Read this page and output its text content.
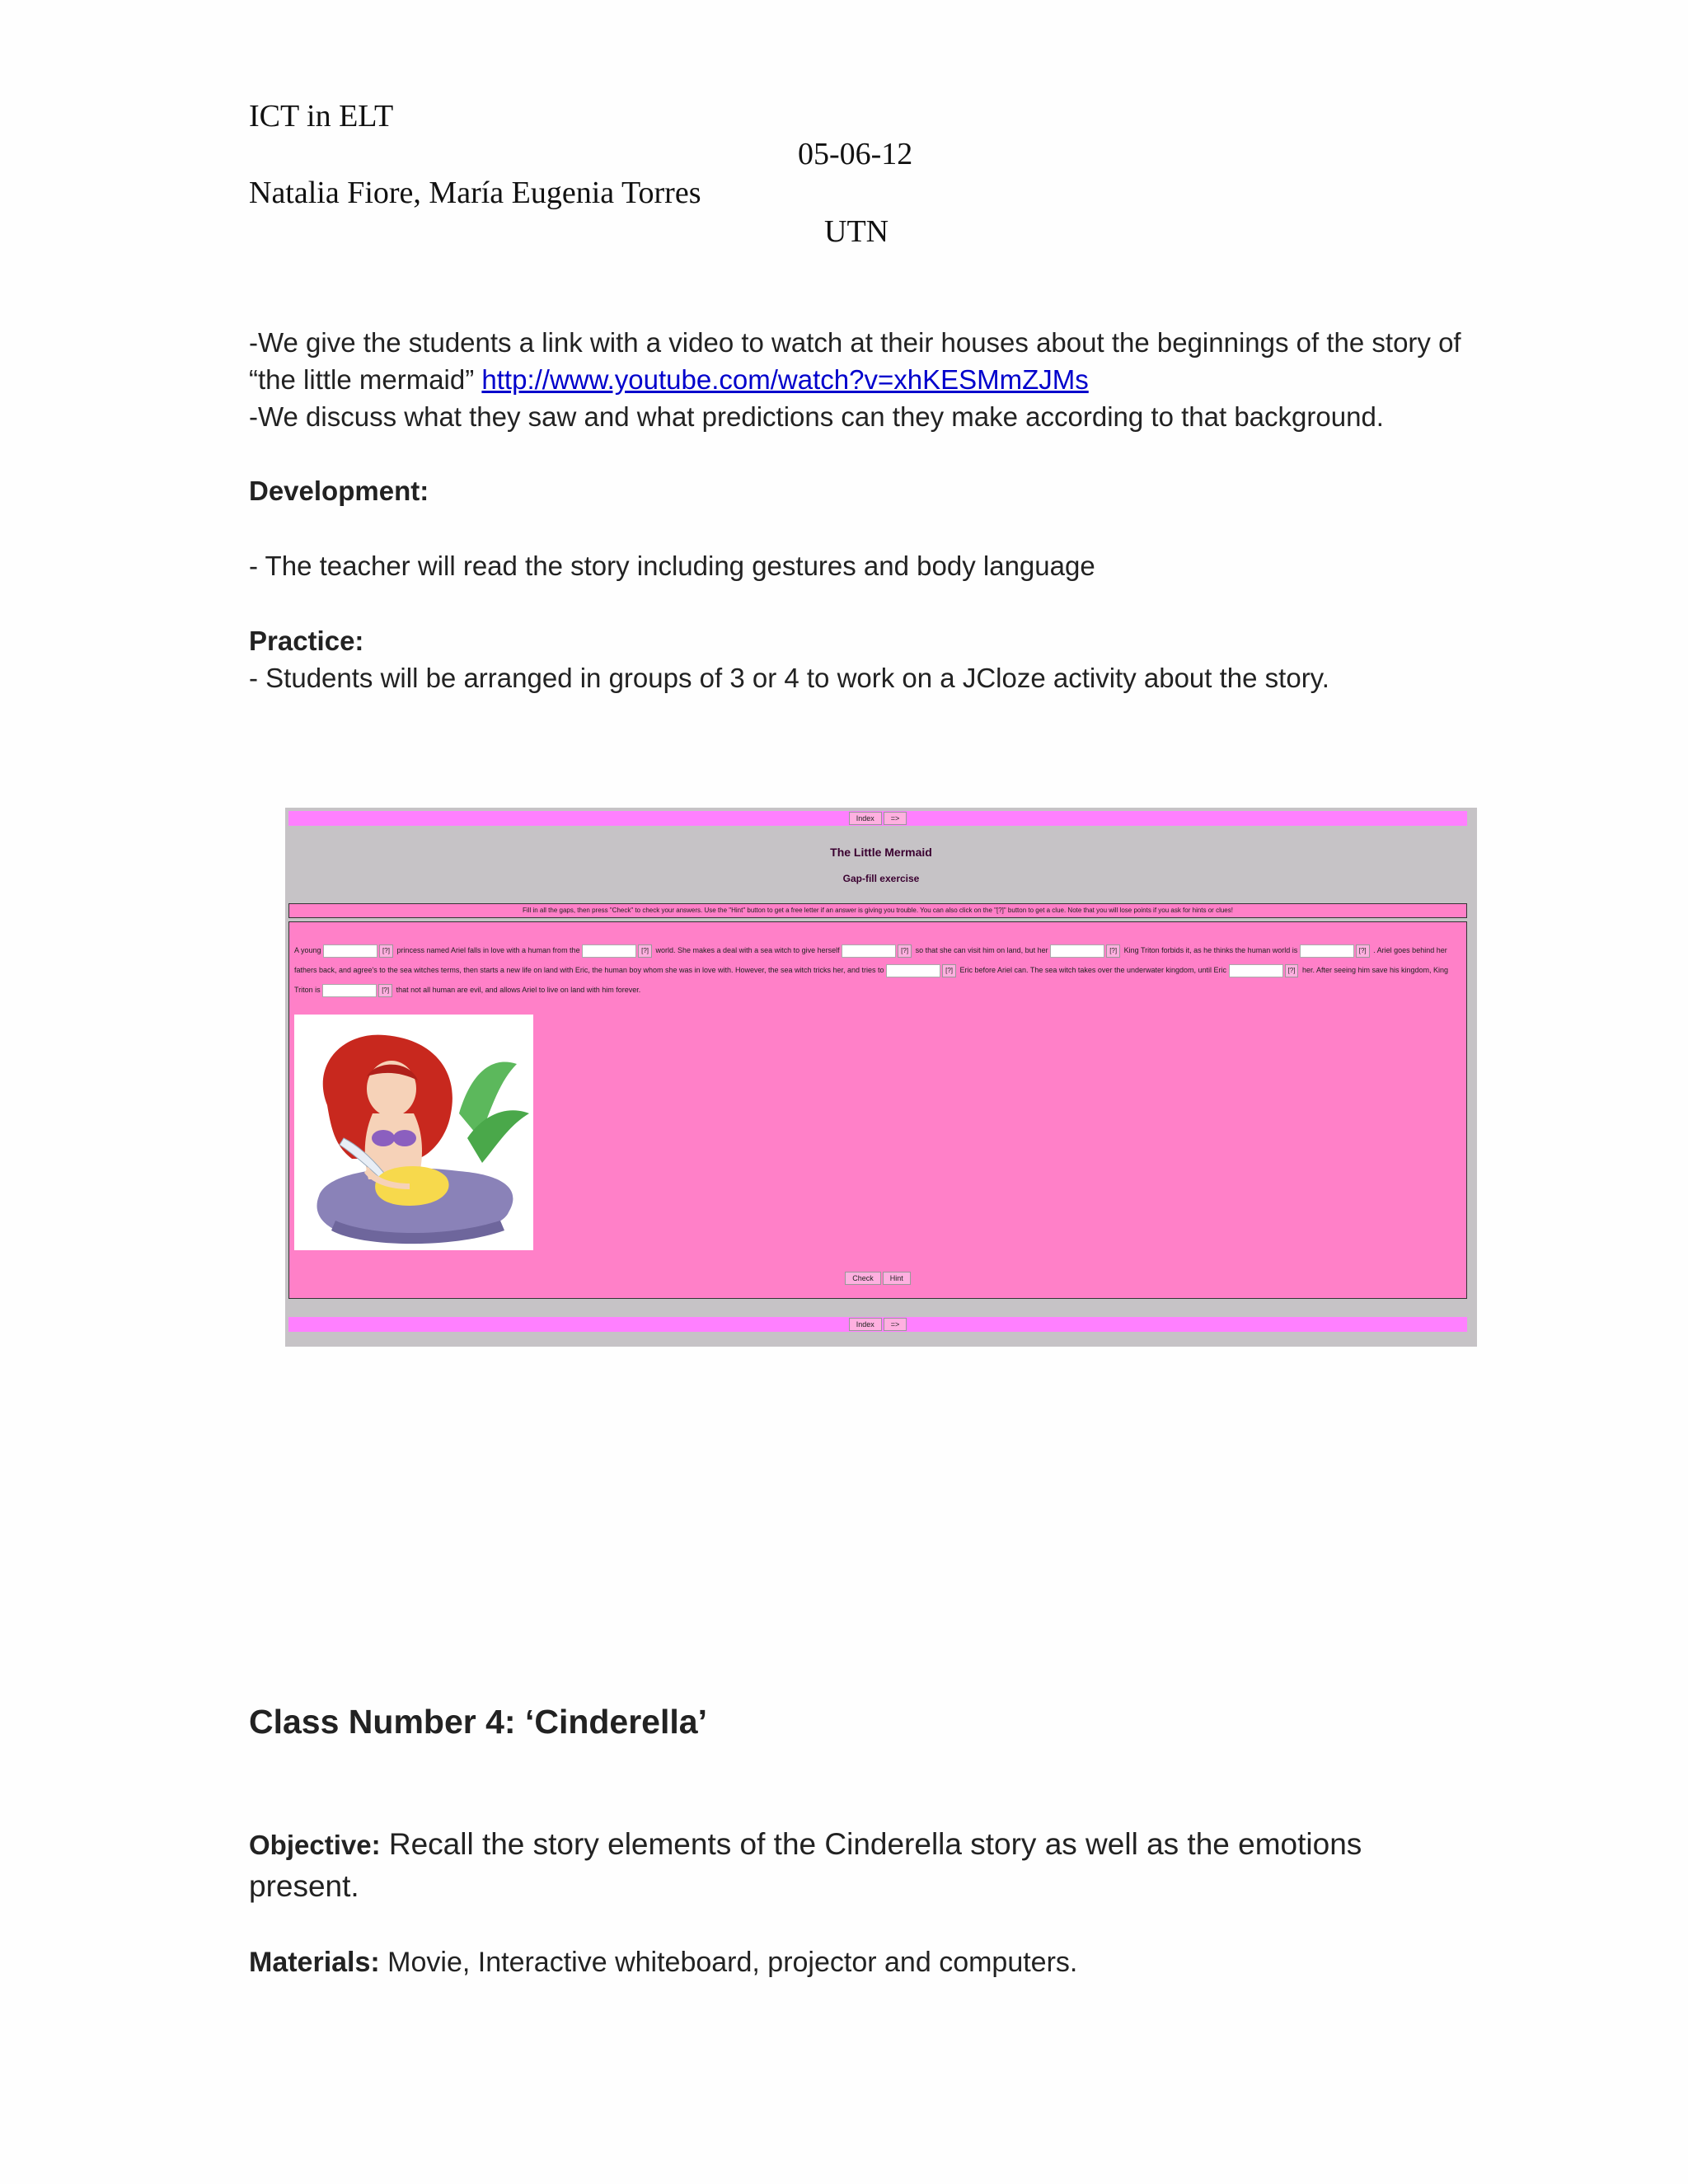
ICT in ELT
05-06-12
Natalia Fiore, María Eugenia Torres
UTN
-We give the students a link with a video to watch at their houses about the beginnings of the story of “the little mermaid” http://www.youtube.com/watch?v=xhKESMmZJMs
-We discuss what they saw and what predictions can they make according to that background.
Development:
- The teacher will read the story including gestures and body language
Practice:
- Students will be arranged in groups of 3 or 4 to work on a JCloze activity about the story.
Index	=>
The Little Mermaid
Gap-fill exercise
Fill in all the gaps, then press "Check" to check your answers. Use the "Hint" button to get a free letter if an answer is giving you trouble. You can also click on the "[?]" button to get a clue. Note that you will lose points if you ask for hints or clues!
A young	[?] princess named Ariel falls in love with a human from the	[?] world. She makes a deal with a sea witch to give herself	[?] so that she can visit him on land, but her	[?] King Triton forbids it, as he thinks the human world is	[?] . Ariel goes behind her fathers back, and agree's to the sea witches terms, then starts a new life on land with Eric, the human boy whom she was in love with. However, the sea witch tricks her, and tries to	[?] Eric before Ariel can. The sea witch takes over the underwater kingdom, until Eric	[?] her. After seeing him save his kingdom, King Triton is	[?] that not all human are evil, and allows Ariel to live on land with him forever.
Check	Hint
Index	=>
Class Number 4: ‘Cinderella’
Objective: Recall the story elements of the Cinderella story as well as the emotions present.
Materials: Movie, Interactive whiteboard, projector and computers.
